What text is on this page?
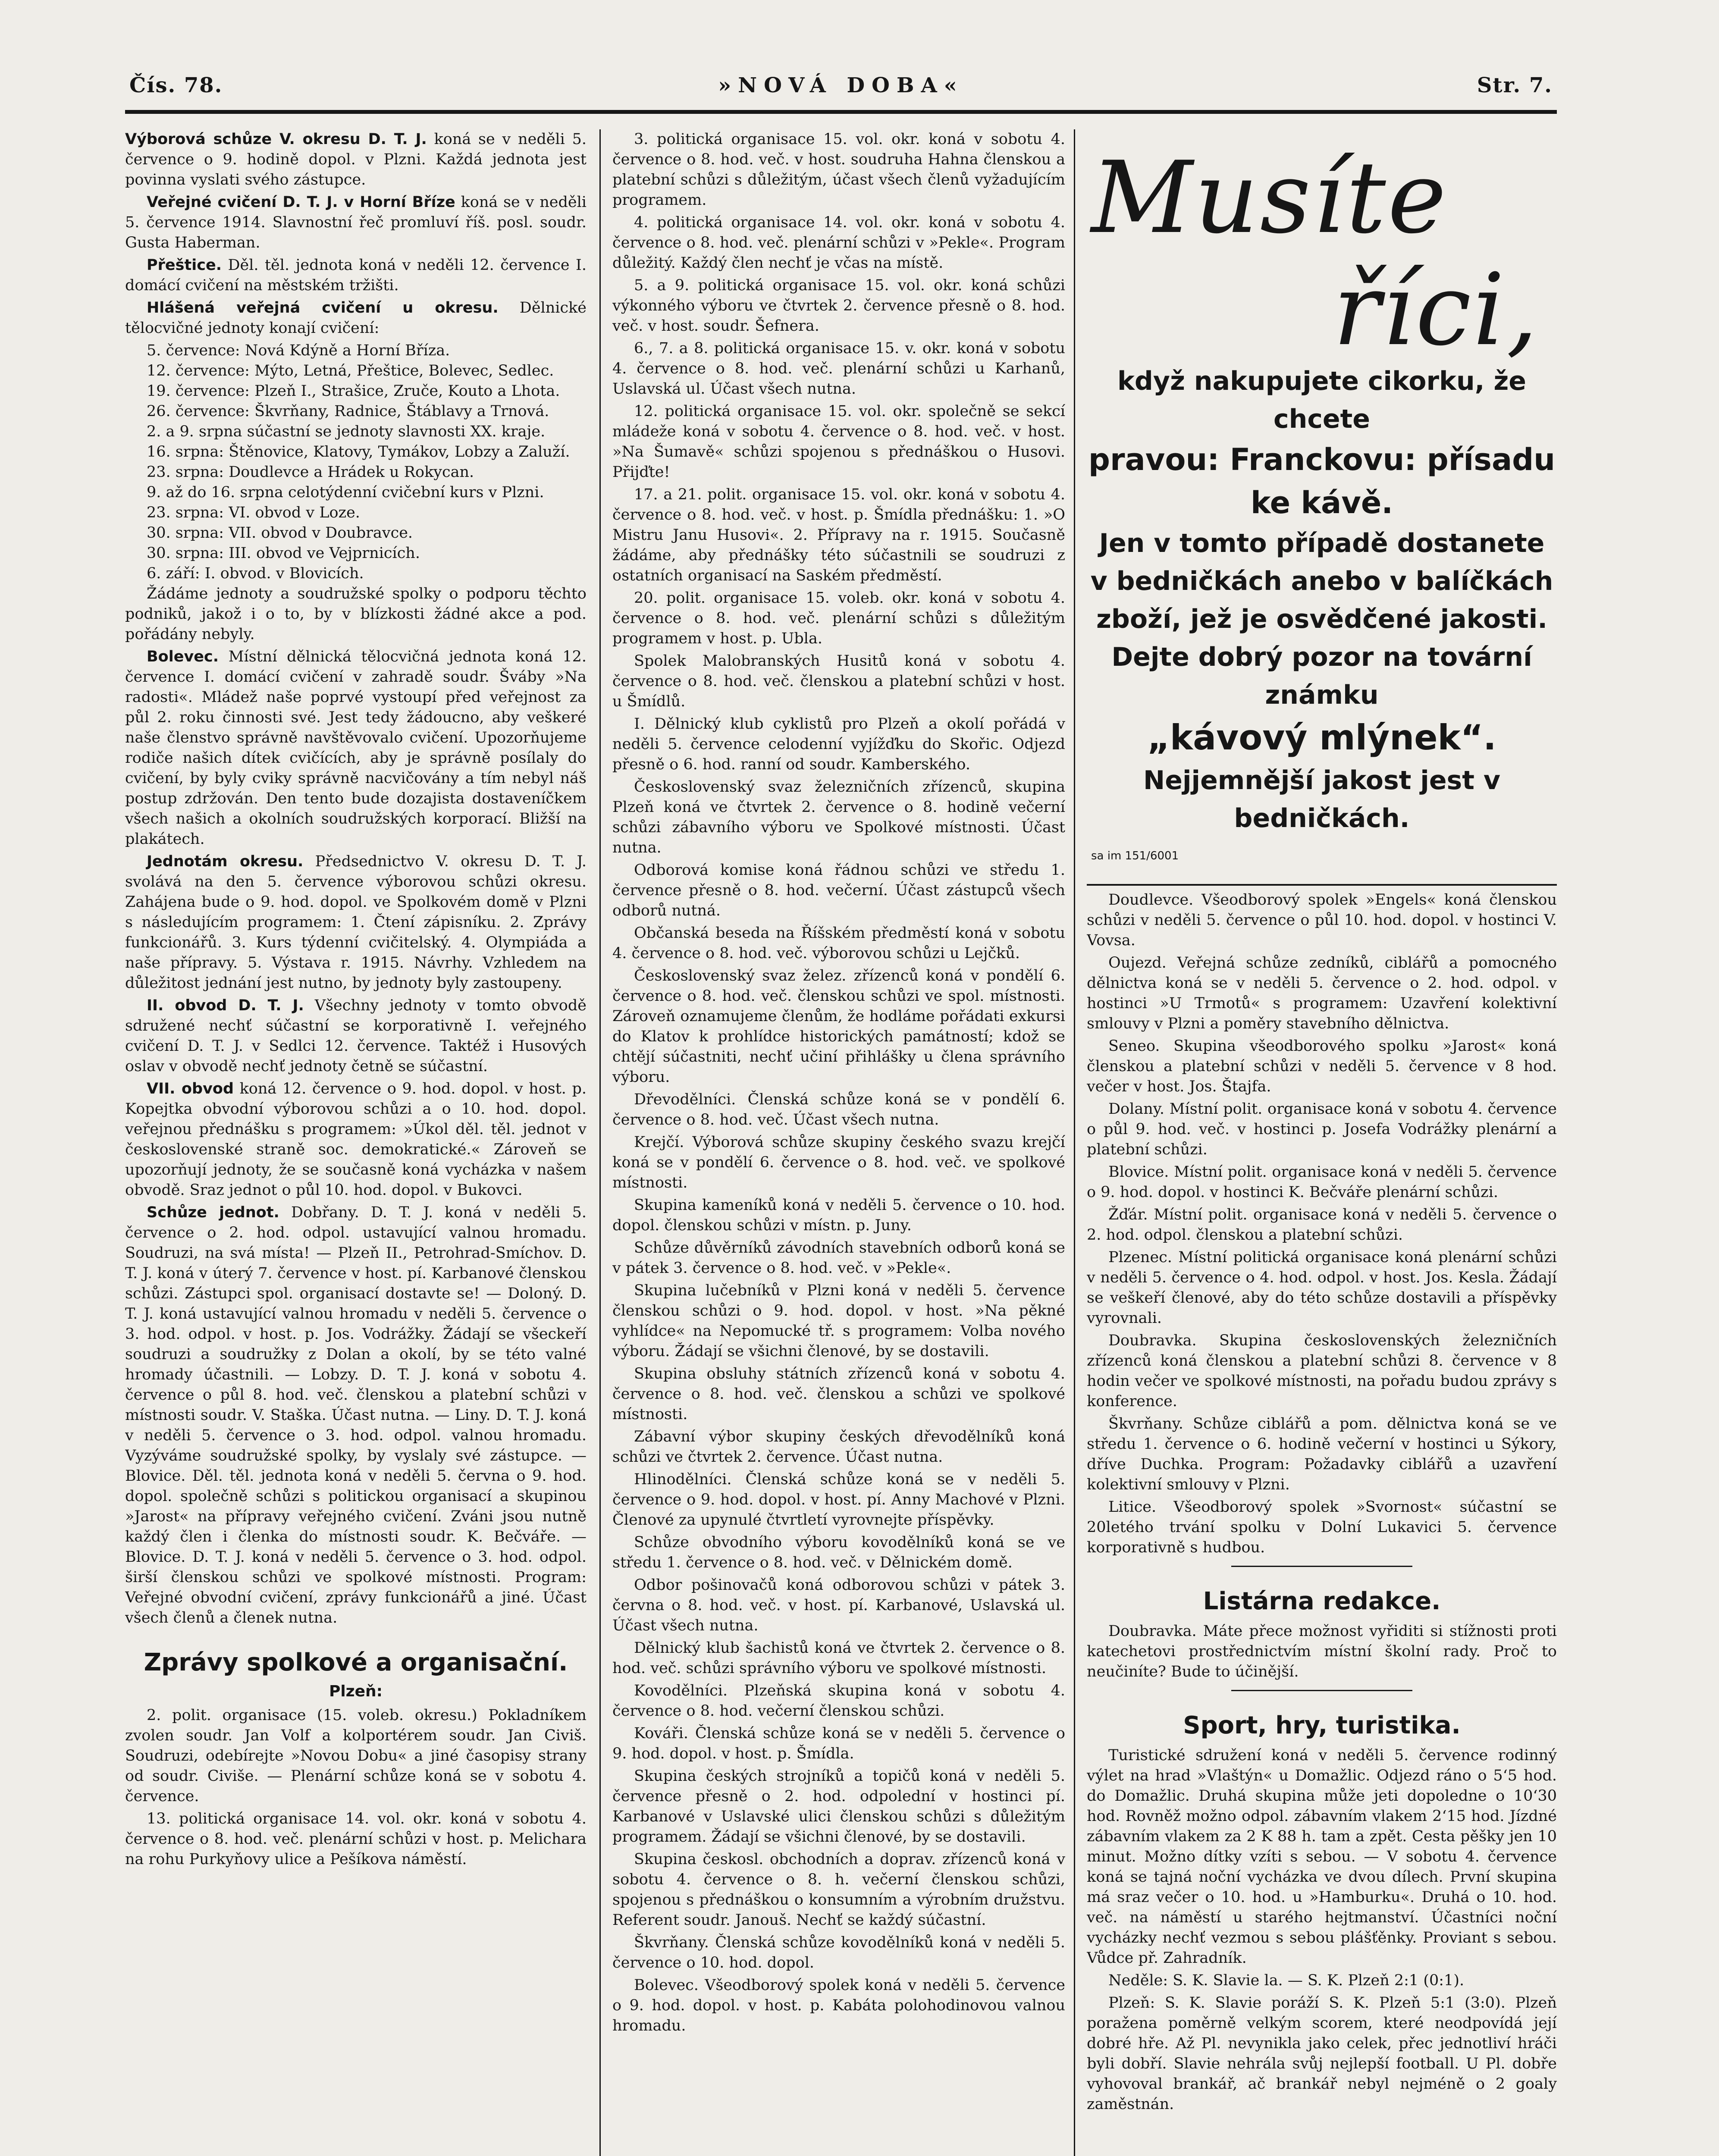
Čís. 78.	»NOVÁ DOBA«	Str. 7.

Výborová schůze V. okresu D. T. J. koná se v neděli 5. července o 9. hodině dopol. v Plzni. Každá jednota jest povinna vyslati svého zástupce.

Veřejné cvičení D. T. J. v Horní Bříze koná se v neděli 5. července 1914. Slavnostní řeč promluví říš. posl. soudr. Gusta Haberman.

Přeštice. Děl. těl. jednota koná v neděli 12. července I. domácí cvičení na městském tržišti.

Hlášená veřejná cvičení u okresu. Dělnické tělocvičné jednoty konají cvičení:

5. července: Nová Kdýně a Horní Bříza.

12. července: Mýto, Letná, Přeštice, Bolevec, Sedlec.

19. července: Plzeň I., Strašice, Zruče, Kouto a Lhota.

26. července: Škvrňany, Radnice, Štáblavy a Trnová.

2. a 9. srpna súčastní se jednoty slavnosti XX. kraje.

16. srpna: Štěnovice, Klatovy, Tymákov, Lobzy a Zaluží.

23. srpna: Doudlevce a Hrádek u Rokycan.

9. až do 16. srpna celotýdenní cvičební kurs v Plzni.

23. srpna: VI. obvod v Loze.

30. srpna: VII. obvod v Doubravce.

30. srpna: III. obvod ve Vejprnicích.

6. září: I. obvod. v Blovicích.

Žádáme jednoty a soudružské spolky o podporu těchto podniků, jakož i o to, by v blízkosti žádné akce a pod. pořádány nebyly.

Bolevec. Místní dělnická tělocvičná jednota koná 12. července I. domácí cvičení v zahradě soudr. Šváby »Na radosti«. Mládež naše poprvé vystoupí před veřejnost za půl 2. roku činnosti své. Jest tedy žádoucno, aby veškeré naše členstvo správně navštěvovalo cvičení. Upozorňujeme rodiče našich dítek cvičících, aby je správně posílaly do cvičení, by byly cviky správně nacvičovány a tím nebyl náš postup zdržován. Den tento bude dozajista dostaveníčkem všech našich a okolních soudružských korporací. Bližší na plakátech.

Jednotám okresu. Předsednictvo V. okresu D. T. J. svolává na den 5. července výborovou schůzi okresu. Zahájena bude o 9. hod. dopol. ve Spolkovém domě v Plzni s následujícím programem: 1. Čtení zápisníku. 2. Zprávy funkcionářů. 3. Kurs týdenní cvičitelský. 4. Olympiáda a naše přípravy. 5. Výstava r. 1915. Návrhy. Vzhledem na důležitost jednání jest nutno, by jednoty byly zastoupeny.

II. obvod D. T. J. Všechny jednoty v tomto obvodě sdružené nechť súčastní se korporativně I. veřejného cvičení D. T. J. v Sedlci 12. července. Taktéž i Husových oslav v obvodě nechť jednoty četně se súčastní.

VII. obvod koná 12. července o 9. hod. dopol. v host. p. Kopejtka obvodní výborovou schůzi a o 10. hod. dopol. veřejnou přednášku s programem: »Úkol děl. těl. jednot v československé straně soc. demokratické.« Zároveň se upozorňují jednoty, že se současně koná vycházka v našem obvodě. Sraz jednot o půl 10. hod. dopol. v Bukovci.

Schůze jednot. Dobřany. D. T. J. koná v neděli 5. července o 2. hod. odpol. ustavující valnou hromadu. Soudruzi, na svá místa! — Plzeň II., Petrohrad-Smíchov. D. T. J. koná v úterý 7. července v host. pí. Karbanové členskou schůzi. Zástupci spol. organisací dostavte se! — Doloný. D. T. J. koná ustavující valnou hromadu v neděli 5. července o 3. hod. odpol. v host. p. Jos. Vodrážky. Žádají se všeckeří soudruzi a soudružky z Dolan a okolí, by se této valné hromady účastnili. — Lobzy. D. T. J. koná v sobotu 4. července o půl 8. hod. več. členskou a platební schůzi v místnosti soudr. V. Staška. Účast nutna. — Liny. D. T. J. koná v neděli 5. července o 3. hod. odpol. valnou hromadu. Vyzýváme soudružské spolky, by vyslaly své zástupce. — Blovice. Děl. těl. jednota koná v neděli 5. června o 9. hod. dopol. společně schůzi s politickou organisací a skupinou »Jarost« na přípravy veřejného cvičení. Zváni jsou nutně každý člen i členka do místnosti soudr. K. Bečváře. — Blovice. D. T. J. koná v neděli 5. července o 3. hod. odpol. širší členskou schůzi ve spolkové místnosti. Program: Veřejné obvodní cvičení, zprávy funkcionářů a jiné. Účast všech členů a členek nutna.

Zprávy spolkové a organisační.
Plzeň:

2. polit. organisace (15. voleb. okresu.) Pokladníkem zvolen soudr. Jan Volf a kolportérem soudr. Jan Civiš. Soudruzi, odebírejte »Novou Dobu« a jiné časopisy strany od soudr. Civiše. — Plenární schůze koná se v sobotu 4. července.

13. politická organisace 14. vol. okr. koná v sobotu 4. července o 8. hod. več. plenární schůzi v host. p. Melichara na rohu Purkyňovy ulice a Pešíkova náměstí.

3. politická organisace 15. vol. okr. koná v sobotu 4. července o 8. hod. več. v host. soudruha Hahna členskou a platební schůzi s důležitým, účast všech členů vyžadujícím programem.

4. politická organisace 14. vol. okr. koná v sobotu 4. července o 8. hod. več. plenární schůzi v »Pekle«. Program důležitý. Každý člen nechť je včas na místě.

5. a 9. politická organisace 15. vol. okr. koná schůzi výkonného výboru ve čtvrtek 2. července přesně o 8. hod. več. v host. soudr. Šefnera.

6., 7. a 8. politická organisace 15. v. okr. koná v sobotu 4. července o 8. hod. več. plenární schůzi u Karhanů, Uslavská ul. Účast všech nutna.

12. politická organisace 15. vol. okr. společně se sekcí mládeže koná v sobotu 4. července o 8. hod. več. v host. »Na Šumavě« schůzi spojenou s přednáškou o Husovi. Přijďte!

17. a 21. polit. organisace 15. vol. okr. koná v sobotu 4. července o 8. hod. več. v host. p. Šmídla přednášku: 1. »O Mistru Janu Husovi«. 2. Přípravy na r. 1915. Současně žádáme, aby přednášky této súčastnili se soudruzi z ostatních organisací na Saském předměstí.

20. polit. organisace 15. voleb. okr. koná v sobotu 4. července o 8. hod. več. plenární schůzi s důležitým programem v host. p. Ubla.

Spolek Malobranských Husitů koná v sobotu 4. července o 8. hod. več. členskou a platební schůzi v host. u Šmídlů.

I. Dělnický klub cyklistů pro Plzeň a okolí pořádá v neděli 5. července celodenní vyjížďku do Skořic. Odjezd přesně o 6. hod. ranní od soudr. Kamberského.

Československý svaz železničních zřízenců, skupina Plzeň koná ve čtvrtek 2. července o 8. hodině večerní schůzi zábavního výboru ve Spolkové místnosti. Účast nutna.

Odborová komise koná řádnou schůzi ve středu 1. července přesně o 8. hod. večerní. Účast zástupců všech odborů nutná.

Občanská beseda na Říšském předměstí koná v sobotu 4. července o 8. hod. več. výborovou schůzi u Lejčků.

Československý svaz želez. zřízenců koná v pondělí 6. července o 8. hod. več. členskou schůzi ve spol. místnosti. Zároveň oznamujeme členům, že hodláme pořádati exkursi do Klatov k prohlídce historických památností; kdož se chtějí súčastniti, nechť učiní přihlášky u člena správního výboru.

Dřevodělníci. Členská schůze koná se v pondělí 6. července o 8. hod. več. Účast všech nutna.

Krejčí. Výborová schůze skupiny českého svazu krejčí koná se v pondělí 6. července o 8. hod. več. ve spolkové místnosti.

Skupina kameníků koná v neděli 5. července o 10. hod. dopol. členskou schůzi v místn. p. Juny.

Schůze důvěrníků závodních stavebních odborů koná se v pátek 3. července o 8. hod. več. v »Pekle«.

Skupina lučebníků v Plzni koná v neděli 5. července členskou schůzi o 9. hod. dopol. v host. »Na pěkné vyhlídce« na Nepomucké tř. s programem: Volba nového výboru. Žádají se všichni členové, by se dostavili.

Skupina obsluhy státních zřízenců koná v sobotu 4. července o 8. hod. več. členskou a schůzi ve spolkové místnosti.

Zábavní výbor skupiny českých dřevodělníků koná schůzi ve čtvrtek 2. července. Účast nutna.

Hlinodělníci. Členská schůze koná se v neděli 5. července o 9. hod. dopol. v host. pí. Anny Machové v Plzni. Členové za upynulé čtvrtletí vyrovnejte příspěvky.

Schůze obvodního výboru kovodělníků koná se ve středu 1. července o 8. hod. več. v Dělnickém domě.

Odbor pošinovačů koná odborovou schůzi v pátek 3. června o 8. hod. več. v host. pí. Karbanové, Uslavská ul. Účast všech nutna.

Dělnický klub šachistů koná ve čtvrtek 2. července o 8. hod. več. schůzi správního výboru ve spolkové místnosti.

Kovodělníci. Plzeňská skupina koná v sobotu 4. července o 8. hod. večerní členskou schůzi.

Kováři. Členská schůze koná se v neděli 5. července o 9. hod. dopol. v host. p. Šmídla.

Skupina českých strojníků a topičů koná v neděli 5. července přesně o 2. hod. odpolední v hostinci pí. Karbanové v Uslavské ulici členskou schůzi s důležitým programem. Žádají se všichni členové, by se dostavili.

Skupina českosl. obchodních a doprav. zřízenců koná v sobotu 4. července o 8. h. večerní členskou schůzi, spojenou s přednáškou o konsumním a výrobním družstvu. Referent soudr. Janouš. Nechť se každý súčastní.

Škvrňany. Členská schůze kovodělníků koná v neděli 5. července o 10. hod. dopol.

Bolevec. Všeodborový spolek koná v neděli 5. července o 9. hod. dopol. v host. p. Kabáta polohodinovou valnou hromadu.

Musíte
říci,
když nakupujete cikorku, že chcete
pravou: Franckovu: přísadu ke kávě.
Jen v tomto případě dostanete v bedničkách anebo v balíčkách zboží, jež je osvědčené jakosti.
Dejte dobrý pozor na tovární známku
„kávový mlýnek“.
Nejjemnější jakost jest v bedničkách.
sa im 151/6001

Doudlevce. Všeodborový spolek »Engels« koná členskou schůzi v neděli 5. července o půl 10. hod. dopol. v hostinci V. Vovsa.

Oujezd. Veřejná schůze zedníků, ciblářů a pomocného dělnictva koná se v neděli 5. července o 2. hod. odpol. v hostinci »U Trmotů« s programem: Uzavření kolektivní smlouvy v Plzni a poměry stavebního dělnictva.

Seneo. Skupina všeodborového spolku »Jarost« koná členskou a platební schůzi v neděli 5. července v 8 hod. večer v host. Jos. Štajfa.

Dolany. Místní polit. organisace koná v sobotu 4. července o půl 9. hod. več. v hostinci p. Josefa Vodrážky plenární a platební schůzi.

Blovice. Místní polit. organisace koná v neděli 5. července o 9. hod. dopol. v hostinci K. Bečváře plenární schůzi.

Žďár. Místní polit. organisace koná v neděli 5. července o 2. hod. odpol. členskou a platební schůzi.

Plzenec. Místní politická organisace koná plenární schůzi v neděli 5. července o 4. hod. odpol. v host. Jos. Kesla. Žádají se veškeří členové, aby do této schůze dostavili a příspěvky vyrovnali.

Doubravka. Skupina československých železničních zřízenců koná členskou a platební schůzi 8. července v 8 hodin večer ve spolkové místnosti, na pořadu budou zprávy s konference.

Škvrňany. Schůze ciblářů a pom. dělnictva koná se ve středu 1. července o 6. hodině večerní v hostinci u Sýkory, dříve Duchka. Program: Požadavky ciblářů a uzavření kolektivní smlouvy v Plzni.

Litice. Všeodborový spolek »Svornost« súčastní se 20letého trvání spolku v Dolní Lukavici 5. července korporativně s hudbou.

Listárna redakce.

Doubravka. Máte přece možnost vyřiditi si stížnosti proti katechetovi prostřednictvím místní školní rady. Proč to neučiníte? Bude to účinější.

Sport, hry, turistika.

Turistické sdružení koná v neděli 5. července rodinný výlet na hrad »Vlaštýn« u Domažlic. Odjezd ráno o 5‘5 hod. do Domažlic. Druhá skupina může jeti dopoledne o 10‘30 hod. Rovněž možno odpol. zábavním vlakem 2‘15 hod. Jízdné zábavním vlakem za 2 K 88 h. tam a zpět. Cesta pěšky jen 10 minut. Možno dítky vzíti s sebou. — V sobotu 4. července koná se tajná noční vycházka ve dvou dílech. První skupina má sraz večer o 10. hod. u »Hamburku«. Druhá o 10. hod. več. na náměstí u starého hejtmanství. Účastníci noční vycházky nechť vezmou s sebou plášťěnky. Proviant s sebou. Vůdce př. Zahradník.

Neděle: S. K. Slavie la. — S. K. Plzeň 2:1 (0:1).

Plzeň: S. K. Slavie poráží S. K. Plzeň 5:1 (3:0). Plzeň poražena poměrně velkým scorem, které neodpovídá její dobré hře. Až Pl. nevynikla jako celek, přec jednotliví hráči byli dobří. Slavie nehrála svůj nejlepší football. U Pl. dobře vyhovoval brankář, ač brankář nebyl nejméně o 2 goaly zaměstnán.
